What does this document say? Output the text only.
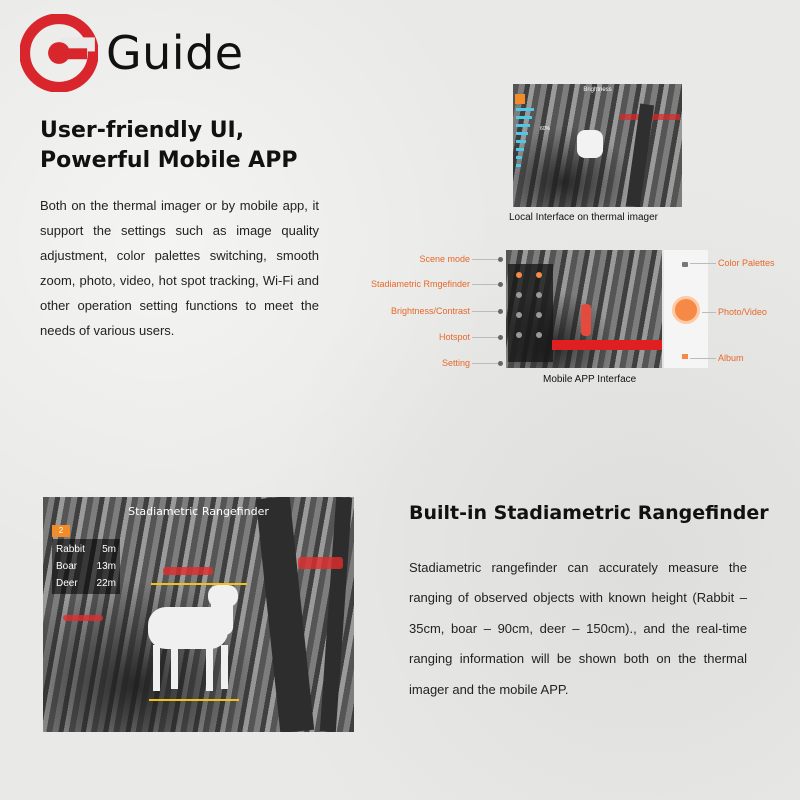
Guide
User-friendly UI,
Powerful Mobile APP
Both on the thermal imager or by mobile app, it support the settings such as image quality adjustment, color palettes switching, smooth zoom, photo, video, hot spot tracking, Wi-Fi and other operation setting functions to meet the needs of various users.
Brightness
60%
Local Interface on thermal imager
Mobile APP Interface
Scene mode
Stadiametric Rmgefinder
Brightness/Contrast
Hotspot
Setting
Color Palettes
Photo/Video
Album
Stadiametric Rangefinder
2
Rabbit 5m
Boar 13m
Deer 22m
Built-in Stadiametric Rangefinder
Stadiametric rangefinder can accurately measure the ranging of observed objects with known height (Rabbit – 35cm, boar – 90cm, deer – 150cm)., and the real-time ranging information will be shown both on the thermal imager and the mobile APP.
